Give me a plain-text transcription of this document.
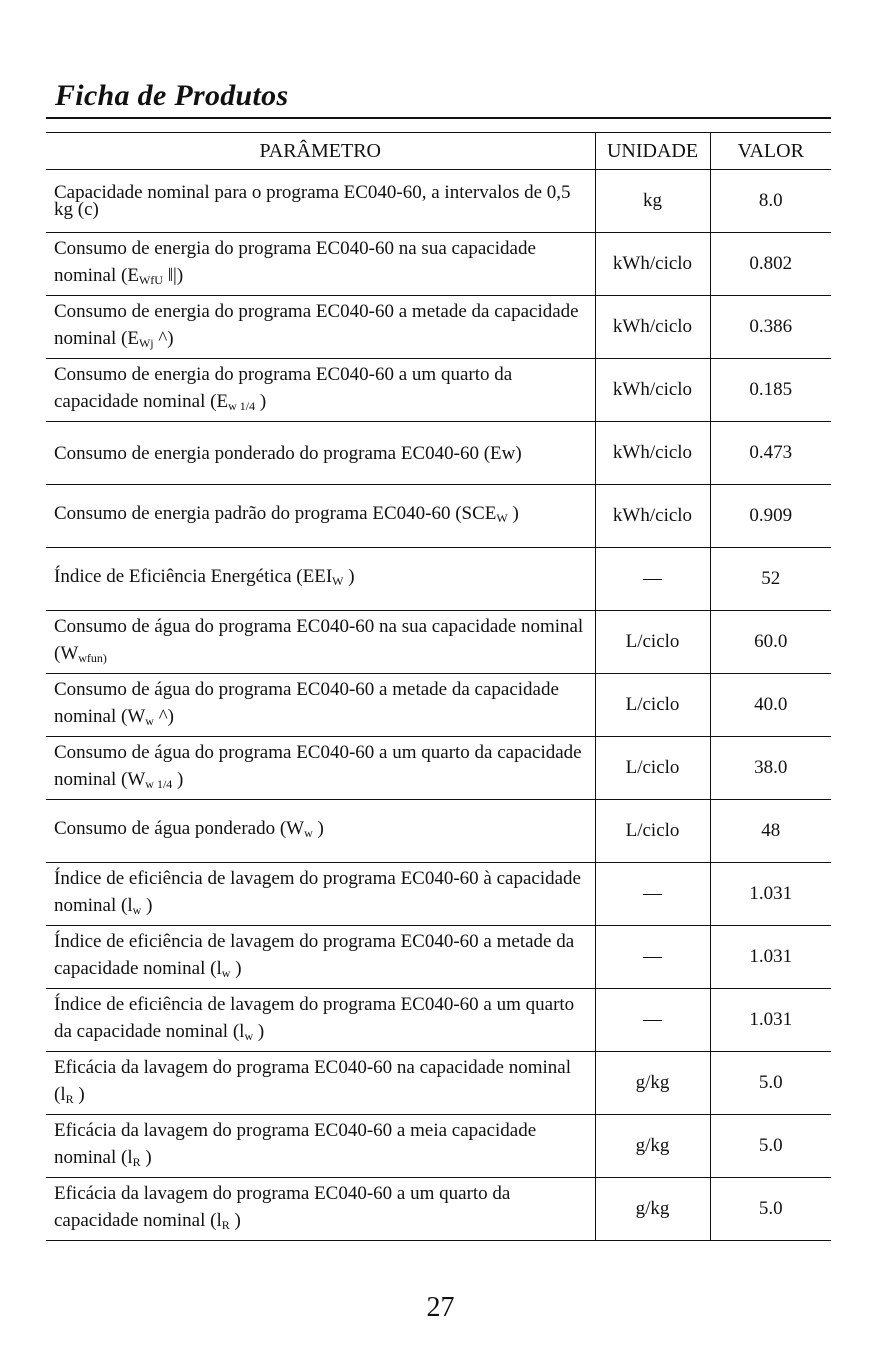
Ficha de Produtos
PARÂMETRO	UNIDADE	VALOR
Capacidade nominal para o programa EC040-60, a intervalos de 0,5 kg (c)	kg	8.0
Consumo de energia do programa EC040-60 na sua capacidade nominal ($E_{WfU}$ ǁ|)	kWh/ciclo	0.802
Consumo de energia do programa EC040-60 a metade da capacidade nominal ($E_{Wj}$ ^)	kWh/ciclo	0.386
Consumo de energia do programa EC040-60 a um quarto da capacidade nominal ($E_{w 1/4}$ )	kWh/ciclo	0.185
Consumo de energia ponderado do programa EC040-60 (Ew)	kWh/ciclo	0.473
Consumo de energia padrão do programa EC040-60 ($SCE_W$ )	kWh/ciclo	0.909
Índice de Eficiência Energética ($EEI_W$ )	—	52
Consumo de água do programa EC040-60 na sua capacidade nominal ($W_{wfun)}$	L/ciclo	60.0
Consumo de água do programa EC040-60 a metade da capacidade nominal ($W_w$ ^)	L/ciclo	40.0
Consumo de água do programa EC040-60 a um quarto da capacidade nominal ($W_{w 1/4}$ )	L/ciclo	38.0
Consumo de água ponderado ($W_w$ )	L/ciclo	48
Índice de eficiência de lavagem do programa EC040-60 à capacidade nominal ($l_w$ )	—	1.031
Índice de eficiência de lavagem do programa EC040-60 a metade da capacidade nominal ($l_w$ )	—	1.031
Índice de eficiência de lavagem do programa EC040-60 a um quarto da capacidade nominal ($l_w$ )	—	1.031
Eficácia da lavagem do programa EC040-60 na capacidade nominal ($l_R$ )	g/kg	5.0
Eficácia da lavagem do programa EC040-60 a meia capacidade nominal ($l_R$ )	g/kg	5.0
Eficácia da lavagem do programa EC040-60 a um quarto da capacidade nominal ($l_R$ )	g/kg	5.0
27
